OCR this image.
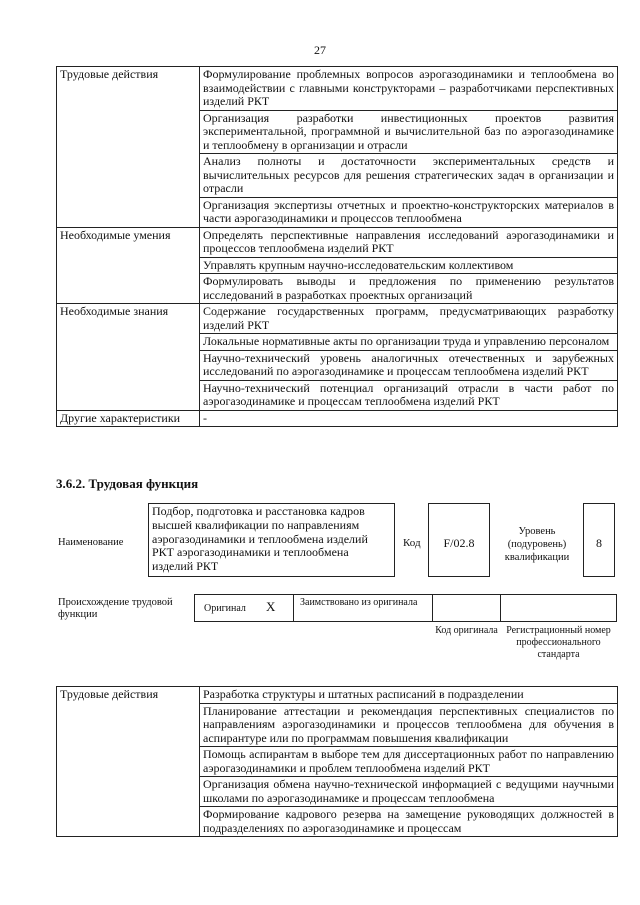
27
Трудовые действия	Формулирование проблемных вопросов аэрогазодинамики и теплообмена во взаимодействии с главными конструкторами – разработчиками перспективных изделий РКТ
	Организация разработки инвестиционных проектов развития экспериментальной, программной и вычислительной баз по аэрогазодинамике и теплообмену в организации и отрасли
	Анализ полноты и достаточности экспериментальных средств и вычислительных ресурсов для решения стратегических задач в организации и отрасли
	Организация экспертизы отчетных и проектно-конструкторских материалов в части аэрогазодинамики и процессов теплообмена
Необходимые умения	Определять перспективные направления исследований аэрогазодинамики и процессов теплообмена изделий РКТ
	Управлять крупным научно-исследовательским коллективом
	Формулировать выводы и предложения по применению результатов исследований в разработках проектных организаций
Необходимые знания	Содержание государственных программ, предусматривающих разработку изделий РКТ
	Локальные нормативные акты по организации труда и управлению персоналом
	Научно-технический уровень аналогичных отечественных и зарубежных исследований по аэрогазодинамике и процессам теплообмена изделий РКТ
	Научно-технический потенциал организаций отрасли в части работ по аэрогазодинамике и процессам теплообмена изделий РКТ
Другие характеристики	-
3.6.2. Трудовая функция
Наименование
Подбор, подготовка и расстановка кадров высшей квалификации по направлениям аэрогазодинамики и теплообмена изделий РКТ аэрогазодинамики и теплообмена изделий РКТ
Код	F/02.8
Уровень (подуровень) квалификации
8
Происхождение трудовой функции
Оригинал X Заимствовано из оригинала
Код оригинала Регистрационный номер профессионального стандарта
Трудовые действия	Разработка структуры и штатных расписаний в подразделении
Планирование аттестации и рекомендация перспективных специалистов по направлениям аэрогазодинамики и процессов теплообмена для обучения в аспирантуре или по программам повышения квалификации
Помощь аспирантам в выборе тем для диссертационных работ по направлению аэрогазодинамики и проблем теплообмена изделий РКТ
Организация обмена научно-технической информацией с ведущими научными школами по аэрогазодинамике и процессам теплообмена
Формирование кадрового резерва на замещение руководящих должностей в подразделениях по аэрогазодинамике и процессам
